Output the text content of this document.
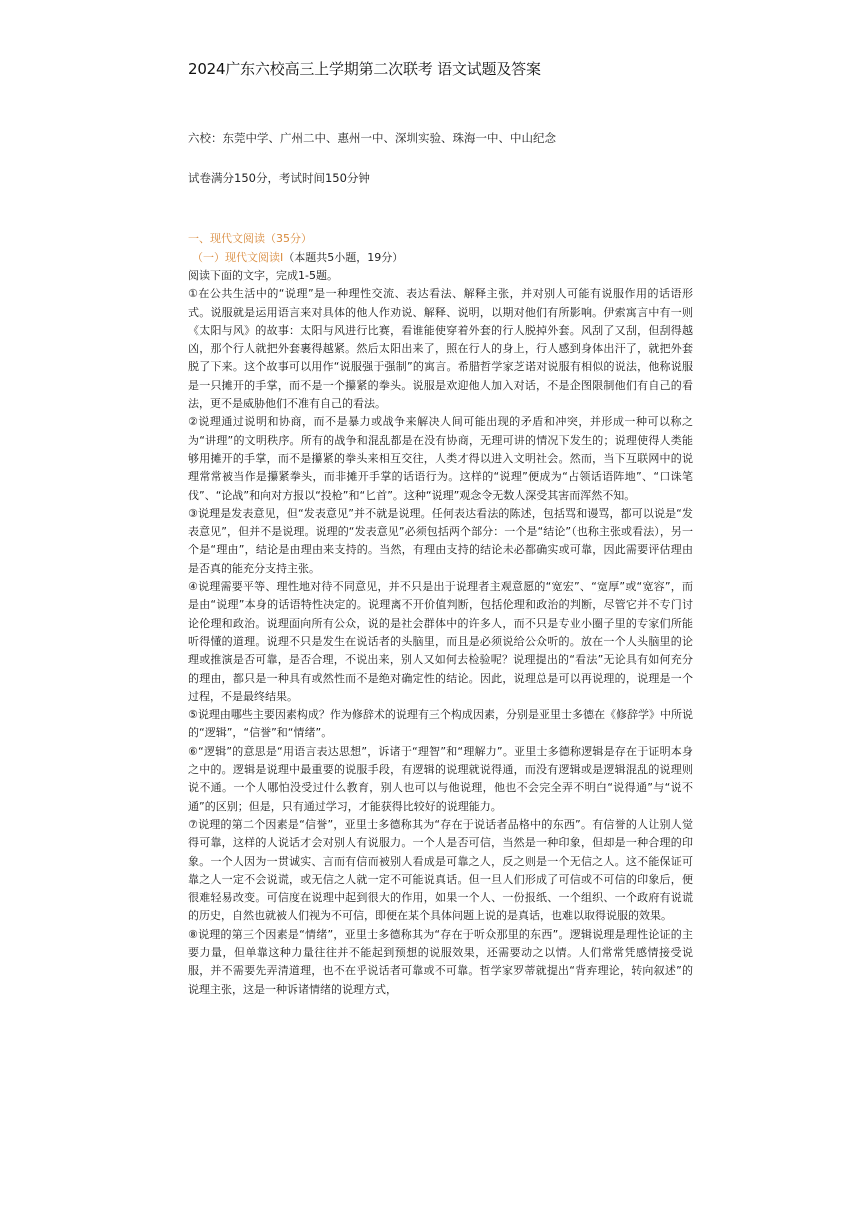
2024广东六校高三上学期第二次联考 语文试题及答案
六校：东莞中学、广州二中、惠州一中、深圳实验、珠海一中、中山纪念
试卷满分150分，考试时间150分钟
一、现代文阅读（35分）
（一）现代文阅读Ⅰ（本题共5小题，19分）

阅读下面的文字，完成1-5题。

①在公共生活中的“说理”是一种理性交流、表达看法、解释主张，并对别人可能有说服作用的话语形式。说服就是运用语言来对具体的他人作劝说、解释、说明，以期对他们有所影响。伊索寓言中有一则《太阳与风》的故事：太阳与风进行比赛，看谁能使穿着外套的行人脱掉外套。风刮了又刮，但刮得越凶，那个行人就把外套裹得越紧。然后太阳出来了，照在行人的身上，行人感到身体出汗了，就把外套脱了下来。这个故事可以用作“说服强于强制”的寓言。希腊哲学家芝诺对说服有相似的说法，他称说服是一只摊开的手掌，而不是一个攥紧的拳头。说服是欢迎他人加入对话，不是企图限制他们有自己的看法，更不是威胁他们不准有自己的看法。

②说理通过说明和协商，而不是暴力或战争来解决人间可能出现的矛盾和冲突，并形成一种可以称之为“讲理”的文明秩序。所有的战争和混乱都是在没有协商，无理可讲的情况下发生的；说理使得人类能够用摊开的手掌，而不是攥紧的拳头来相互交往，人类才得以进入文明社会。然而，当下互联网中的说理常常被当作是攥紧拳头，而非摊开手掌的话语行为。这样的“说理”便成为“占领话语阵地”、“口诛笔伐”、“论战”和向对方报以“投枪”和“匕首”。这种“说理”观念令无数人深受其害而浑然不知。

③说理是发表意见，但“发表意见”并不就是说理。任何表达看法的陈述，包括骂和谩骂，都可以说是“发表意见”，但并不是说理。说理的“发表意见”必须包括两个部分：一个是“结论”（也称主张或看法），另一个是“理由”，结论是由理由来支持的。当然，有理由支持的结论未必都确实或可靠，因此需要评估理由是否真的能充分支持主张。

④说理需要平等、理性地对待不同意见，并不只是出于说理者主观意愿的“宽宏”、“宽厚”或“宽容”，而是由“说理”本身的话语特性决定的。说理离不开价值判断，包括伦理和政治的判断，尽管它并不专门讨论伦理和政治。说理面向所有公众，说的是社会群体中的许多人，而不只是专业小圈子里的专家们所能听得懂的道理。说理不只是发生在说话者的头脑里，而且是必须说给公众听的。放在一个人头脑里的论理或推演是否可靠，是否合理，不说出来，别人又如何去检验呢？说理提出的“看法”无论具有如何充分的理由，都只是一种具有或然性而不是绝对确定性的结论。因此，说理总是可以再说理的，说理是一个过程，不是最终结果。

⑤说理由哪些主要因素构成？作为修辞术的说理有三个构成因素，分别是亚里士多德在《修辞学》中所说的“逻辑”，“信誉”和“情绪”。

⑥“逻辑”的意思是“用语言表达思想”，诉诸于“理智”和“理解力”。亚里士多德称逻辑是存在于证明本身之中的。逻辑是说理中最重要的说服手段，有逻辑的说理就说得通，而没有逻辑或是逻辑混乱的说理则说不通。一个人哪怕没受过什么教育，别人也可以与他说理，他也不会完全弄不明白“说得通”与“说不通”的区别；但是，只有通过学习，才能获得比较好的说理能力。

⑦说理的第二个因素是“信誉”，亚里士多德称其为“存在于说话者品格中的东西”。有信誉的人让别人觉得可靠，这样的人说话才会对别人有说服力。一个人是否可信，当然是一种印象，但却是一种合理的印象。一个人因为一贯诚实、言而有信而被别人看成是可靠之人，反之则是一个无信之人。这不能保证可靠之人一定不会说谎，或无信之人就一定不可能说真话。但一旦人们形成了可信或不可信的印象后，便很难轻易改变。可信度在说理中起到很大的作用，如果一个人、一份报纸、一个组织、一个政府有说谎的历史，自然也就被人们视为不可信，即便在某个具体问题上说的是真话，也难以取得说服的效果。

⑧说理的第三个因素是“情绪”，亚里士多德称其为“存在于听众那里的东西”。逻辑说理是理性论证的主要力量，但单靠这种力量往往并不能起到预想的说服效果，还需要动之以情。人们常常凭感情接受说服，并不需要先弄清道理，也不在乎说话者可靠或不可靠。哲学家罗蒂就提出“背弃理论，转向叙述”的说理主张，这是一种诉诸情绪的说理方式，
